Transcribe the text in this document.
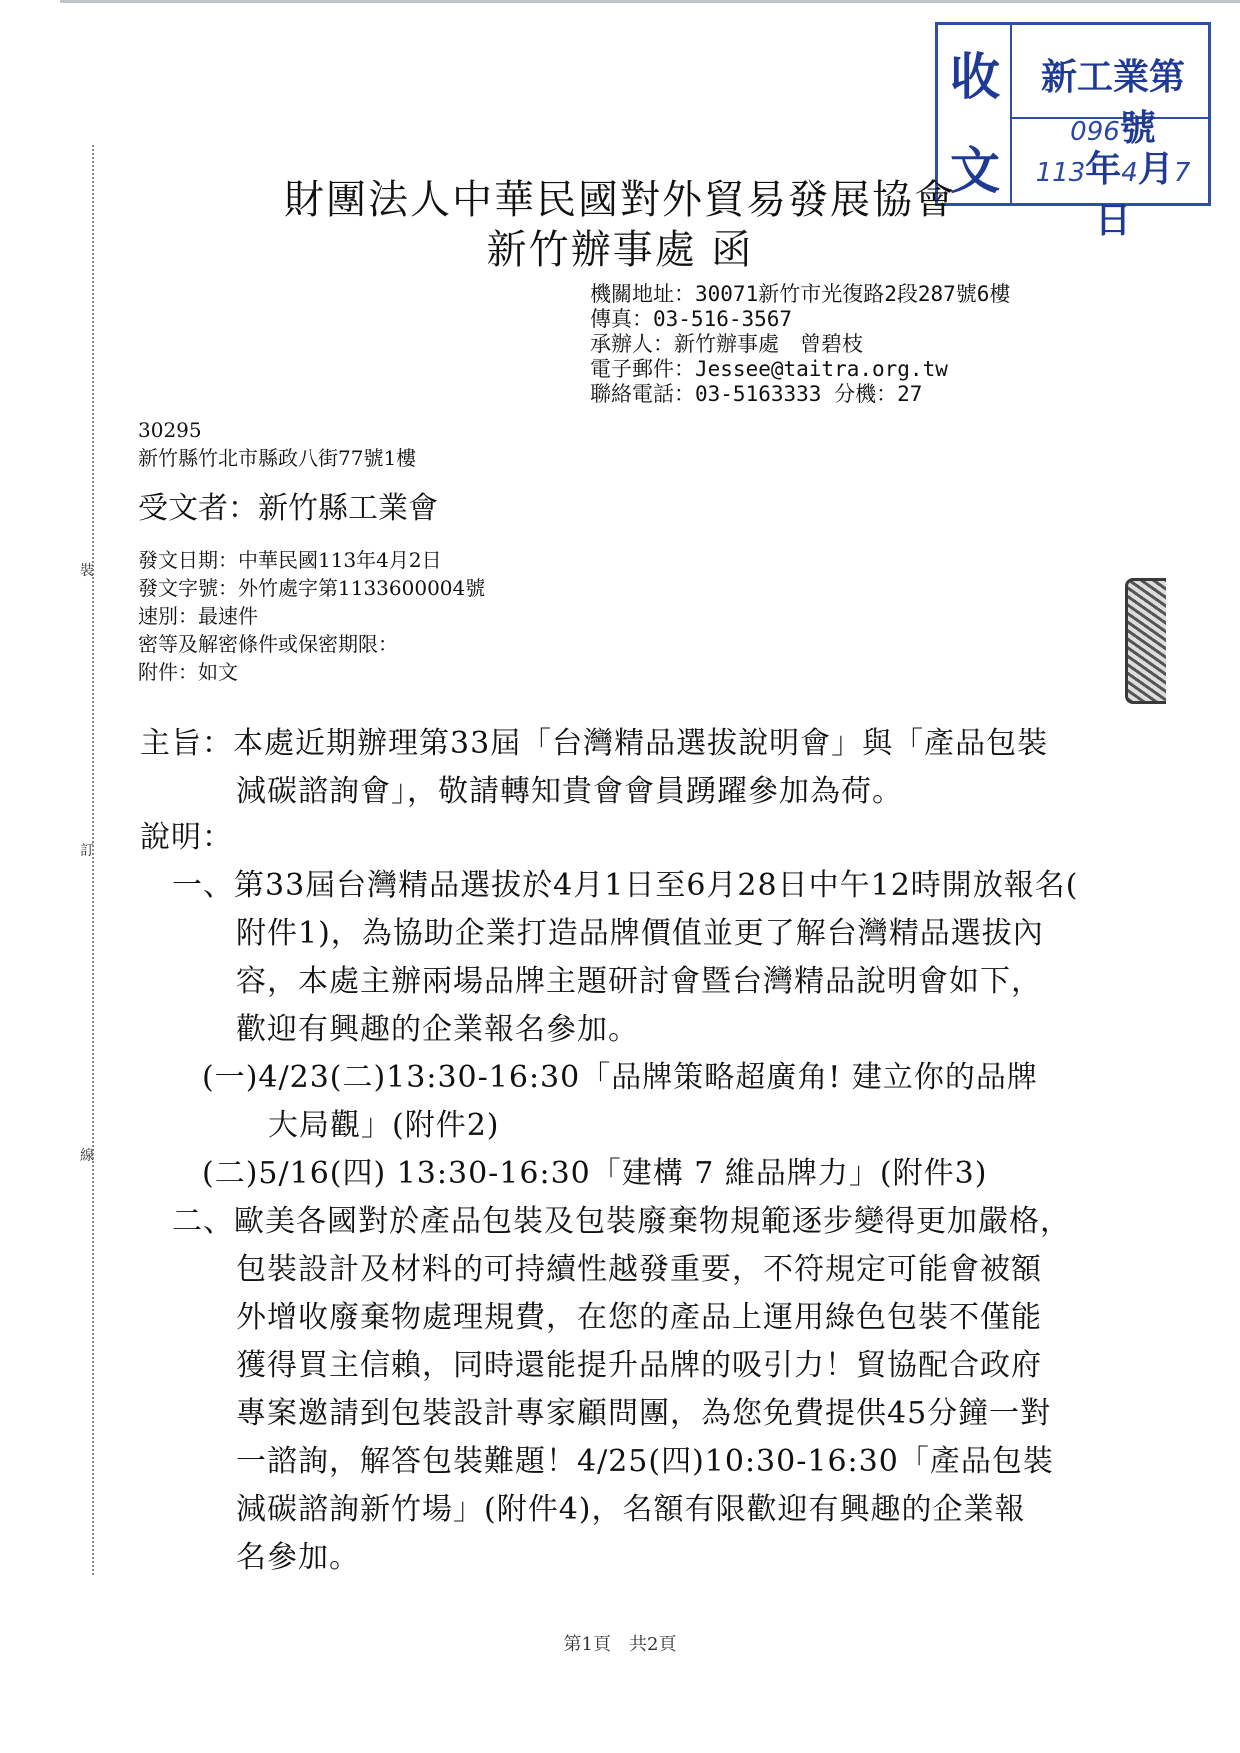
裝
訂
線
收
文
新工業第096號
113年4月7日
財團法人中華民國對外貿易發展協會
新竹辦事處 函
機關地址：30071新竹市光復路2段287號6樓
傳真：03-516-3567
承辦人：新竹辦事處　曾碧枝
電子郵件：Jessee@taitra.org.tw
聯絡電話：03-5163333 分機：27
30295
新竹縣竹北市縣政八街77號1樓
受文者：新竹縣工業會
發文日期：中華民國113年4月2日
發文字號：外竹處字第1133600004號
速別：最速件
密等及解密條件或保密期限：
附件：如文
主旨：本處近期辦理第33屆「台灣精品選拔說明會」與「產品包裝
減碳諮詢會」，敬請轉知貴會會員踴躍參加為荷。
說明：
一、第33屆台灣精品選拔於4月1日至6月28日中午12時開放報名(
附件1)，為協助企業打造品牌價值並更了解台灣精品選拔內
容，本處主辦兩場品牌主題研討會暨台灣精品說明會如下，
歡迎有興趣的企業報名參加。
(一)4/23(二)13:30-16:30「品牌策略超廣角! 建立你的品牌
大局觀」(附件2)
(二)5/16(四) 13:30-16:30「建構 7 維品牌力」(附件3)
二、歐美各國對於產品包裝及包裝廢棄物規範逐步變得更加嚴格，
包裝設計及材料的可持續性越發重要，不符規定可能會被額
外增收廢棄物處理規費，在您的產品上運用綠色包裝不僅能
獲得買主信賴，同時還能提升品牌的吸引力！貿協配合政府
專案邀請到包裝設計專家顧問團，為您免費提供45分鐘一對
一諮詢，解答包裝難題！4/25(四)10:30-16:30「產品包裝
減碳諮詢新竹場」(附件4)，名額有限歡迎有興趣的企業報
名參加。
第1頁　共2頁
